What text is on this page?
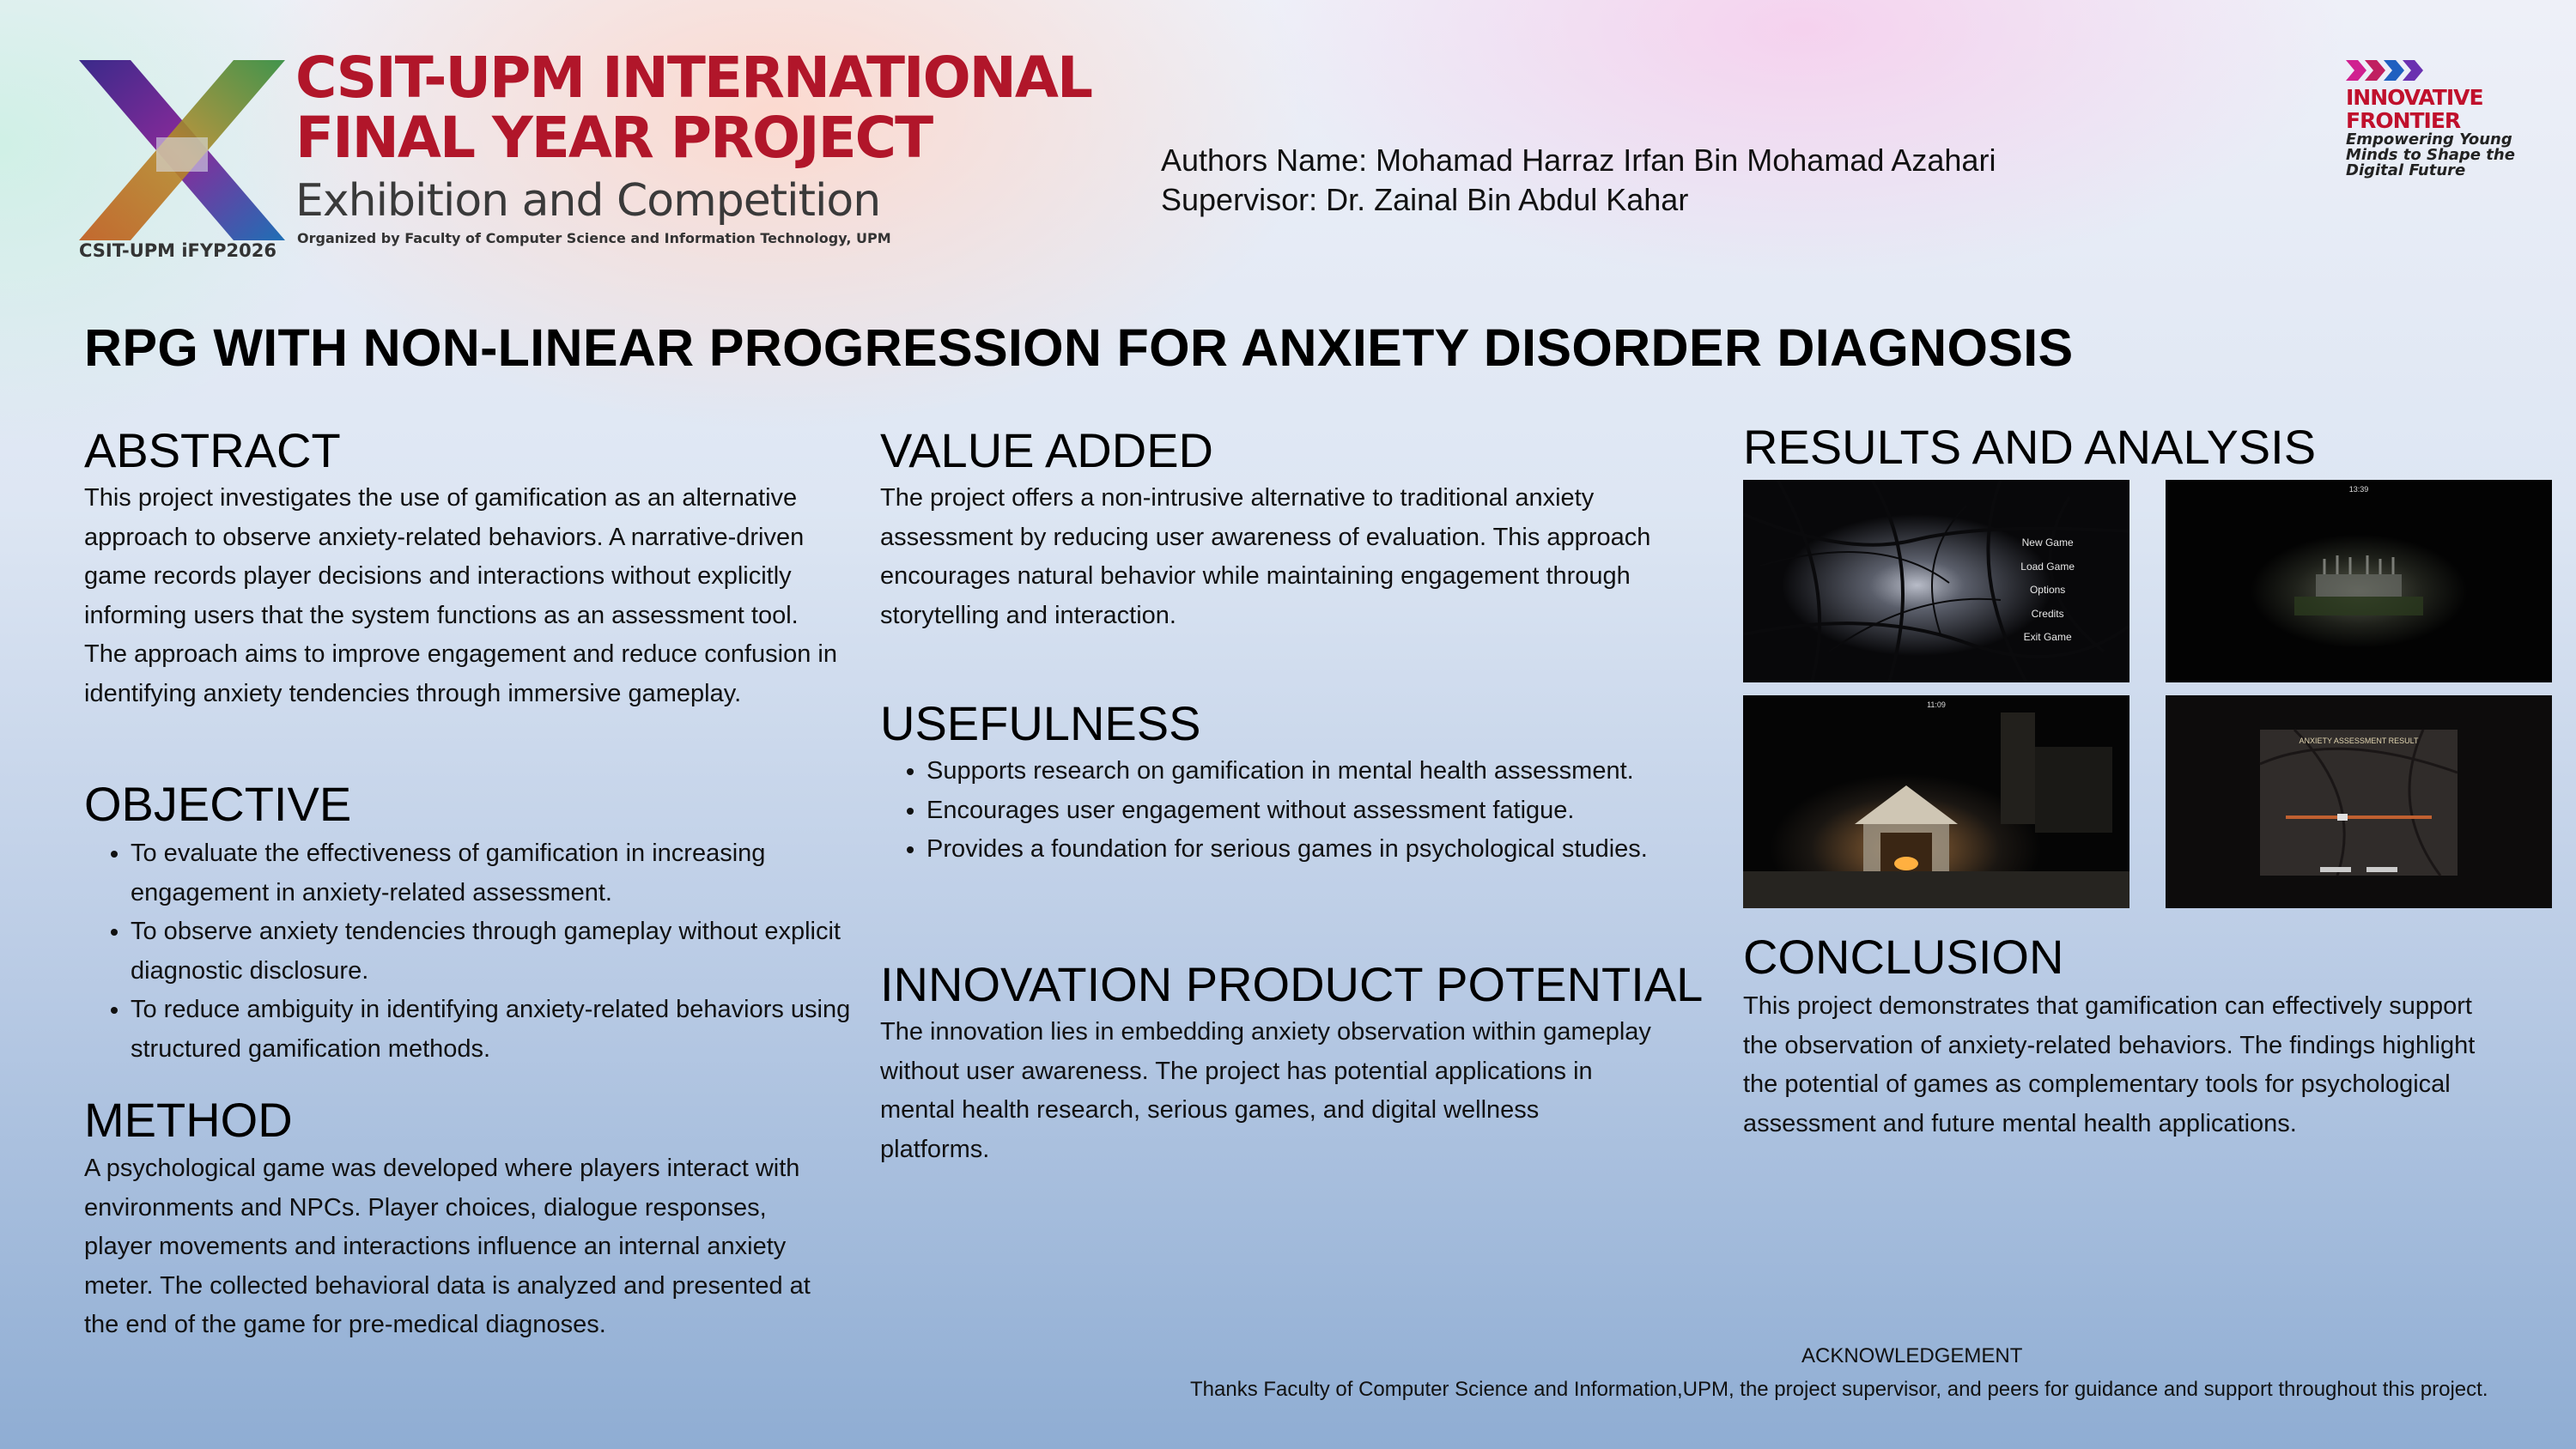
CSIT-UPM INTERNATIONAL
FINAL YEAR PROJECT
Exhibition and Competition
Organized by Faculty of Computer Science and Information Technology, UPM
CSIT-UPM iFYP2026
Authors Name: Mohamad Harraz Irfan Bin Mohamad Azahari
Supervisor: Dr. Zainal Bin Abdul Kahar
INNOVATIVE
FRONTIER
Empowering Young
Minds to Shape the
Digital Future
RPG WITH NON-LINEAR PROGRESSION FOR ANXIETY DISORDER DIAGNOSIS
ABSTRACT
This project investigates the use of gamification as an alternative approach to observe anxiety-related behaviors. A narrative-driven game records player decisions and interactions without explicitly informing users that the system functions as an assessment tool. The approach aims to improve engagement and reduce confusion in identifying anxiety tendencies through immersive gameplay.
OBJECTIVE
• To evaluate the effectiveness of gamification in increasing engagement in anxiety-related assessment.
• To observe anxiety tendencies through gameplay without explicit diagnostic disclosure.
• To reduce ambiguity in identifying anxiety-related behaviors using structured gamification methods.
METHOD
A psychological game was developed where players interact with environments and NPCs. Player choices, dialogue responses, player movements and interactions influence an internal anxiety meter. The collected behavioral data is analyzed and presented at the end of the game for pre-medical diagnoses.
VALUE ADDED
The project offers a non-intrusive alternative to traditional anxiety assessment by reducing user awareness of evaluation. This approach encourages natural behavior while maintaining engagement through storytelling and interaction.
USEFULNESS
• Supports research on gamification in mental health assessment.
• Encourages user engagement without assessment fatigue.
• Provides a foundation for serious games in psychological studies.
INNOVATION PRODUCT POTENTIAL
The innovation lies in embedding anxiety observation within gameplay without user awareness. The project has potential applications in mental health research, serious games, and digital wellness platforms.
RESULTS AND ANALYSIS
New Game
Load Game
Options
Credits
Exit Game
13:39
11:09
ANXIETY ASSESSMENT RESULT
CONCLUSION
This project demonstrates that gamification can effectively support the observation of anxiety-related behaviors. The findings highlight the potential of games as complementary tools for psychological assessment and future mental health applications.
ACKNOWLEDGEMENT
Thanks Faculty of Computer Science and Information,UPM, the project supervisor, and peers for guidance and support throughout this project.
